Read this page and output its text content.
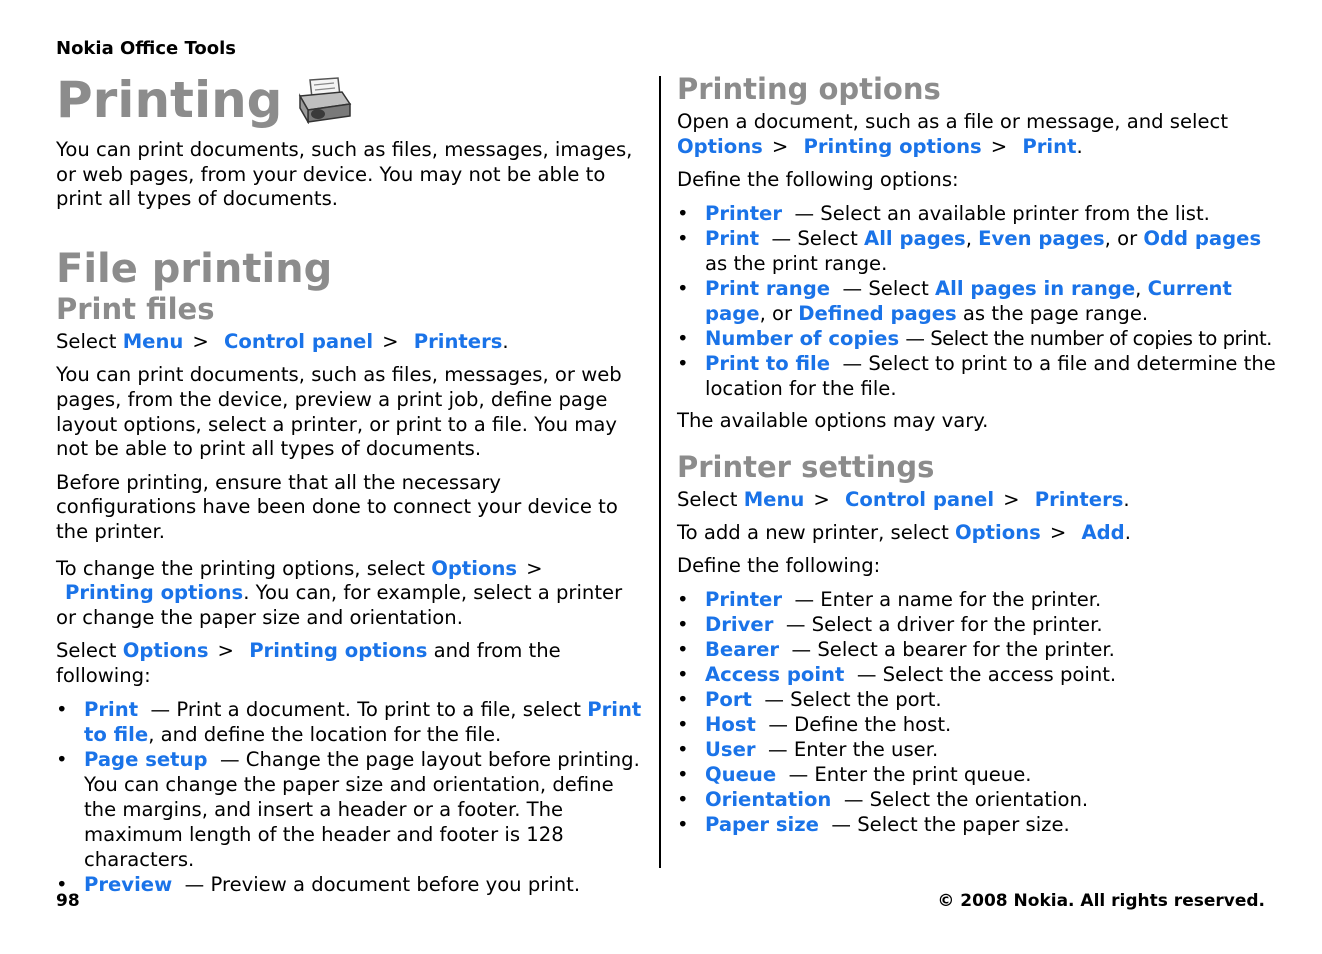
Nokia Office Tools
Printing

You can print documents, such as files, messages, images, or web pages, from your device. You may not be able to print all types of documents.

File printing
Print files

Select Menu > Control panel > Printers.

You can print documents, such as files, messages, or web pages, from the device, preview a print job, define page layout options, select a printer, or print to a file. You may not be able to print all types of documents.

Before printing, ensure that all the necessary configurations have been done to connect your device to the printer.

To change the printing options, select Options > Printing options. You can, for example, select a printer or change the paper size and orientation.

Select Options > Printing options and from the following:

• Print — Print a document. To print to a file, select Print to file, and define the location for the file.
• Page setup — Change the page layout before printing. You can change the paper size and orientation, define the margins, and insert a header or a footer. The maximum length of the header and footer is 128 characters.
• Preview — Preview a document before you print.
Printing options

Open a document, such as a file or message, and select Options > Printing options > Print.

Define the following options:

• Printer — Select an available printer from the list.
• Print — Select All pages, Even pages, or Odd pages as the print range.
• Print range — Select All pages in range, Current page, or Defined pages as the page range.
• Number of copies — Select the number of copies to print.
• Print to file — Select to print to a file and determine the location for the file.

The available options may vary.

Printer settings

Select Menu > Control panel > Printers.

To add a new printer, select Options > Add.

Define the following:

• Printer — Enter a name for the printer.
• Driver — Select a driver for the printer.
• Bearer — Select a bearer for the printer.
• Access point — Select the access point.
• Port — Select the port.
• Host — Define the host.
• User — Enter the user.
• Queue — Enter the print queue.
• Orientation — Select the orientation.
• Paper size — Select the paper size.
98	© 2008 Nokia. All rights reserved.
